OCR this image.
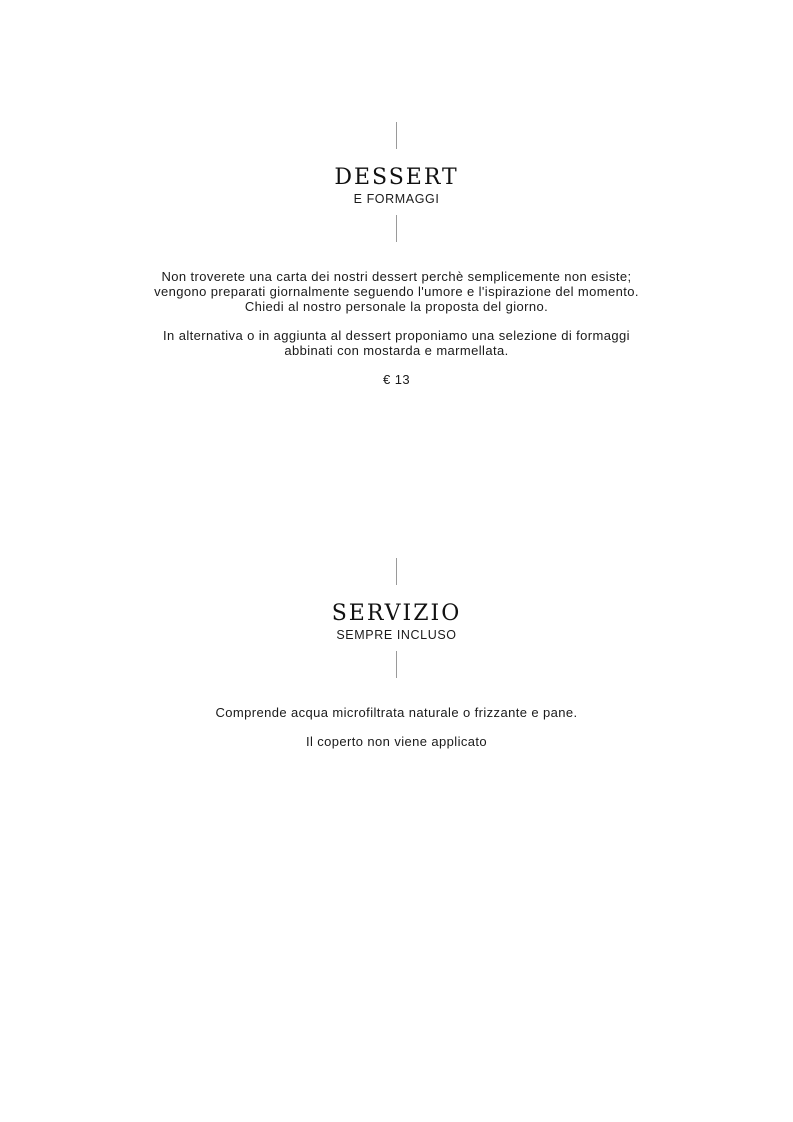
DESSERT
E FORMAGGI

Non troverete una carta dei nostri dessert perchè semplicemente non esiste;
vengono preparati giornalmente seguendo l'umore e l'ispirazione del momento.
Chiedi al nostro personale la proposta del giorno.

In alternativa o in aggiunta al dessert proponiamo una selezione di formaggi
abbinati con mostarda e marmellata.

€ 13

SERVIZIO
SEMPRE INCLUSO

Comprende acqua microfiltrata naturale o frizzante e pane.

Il coperto non viene applicato
